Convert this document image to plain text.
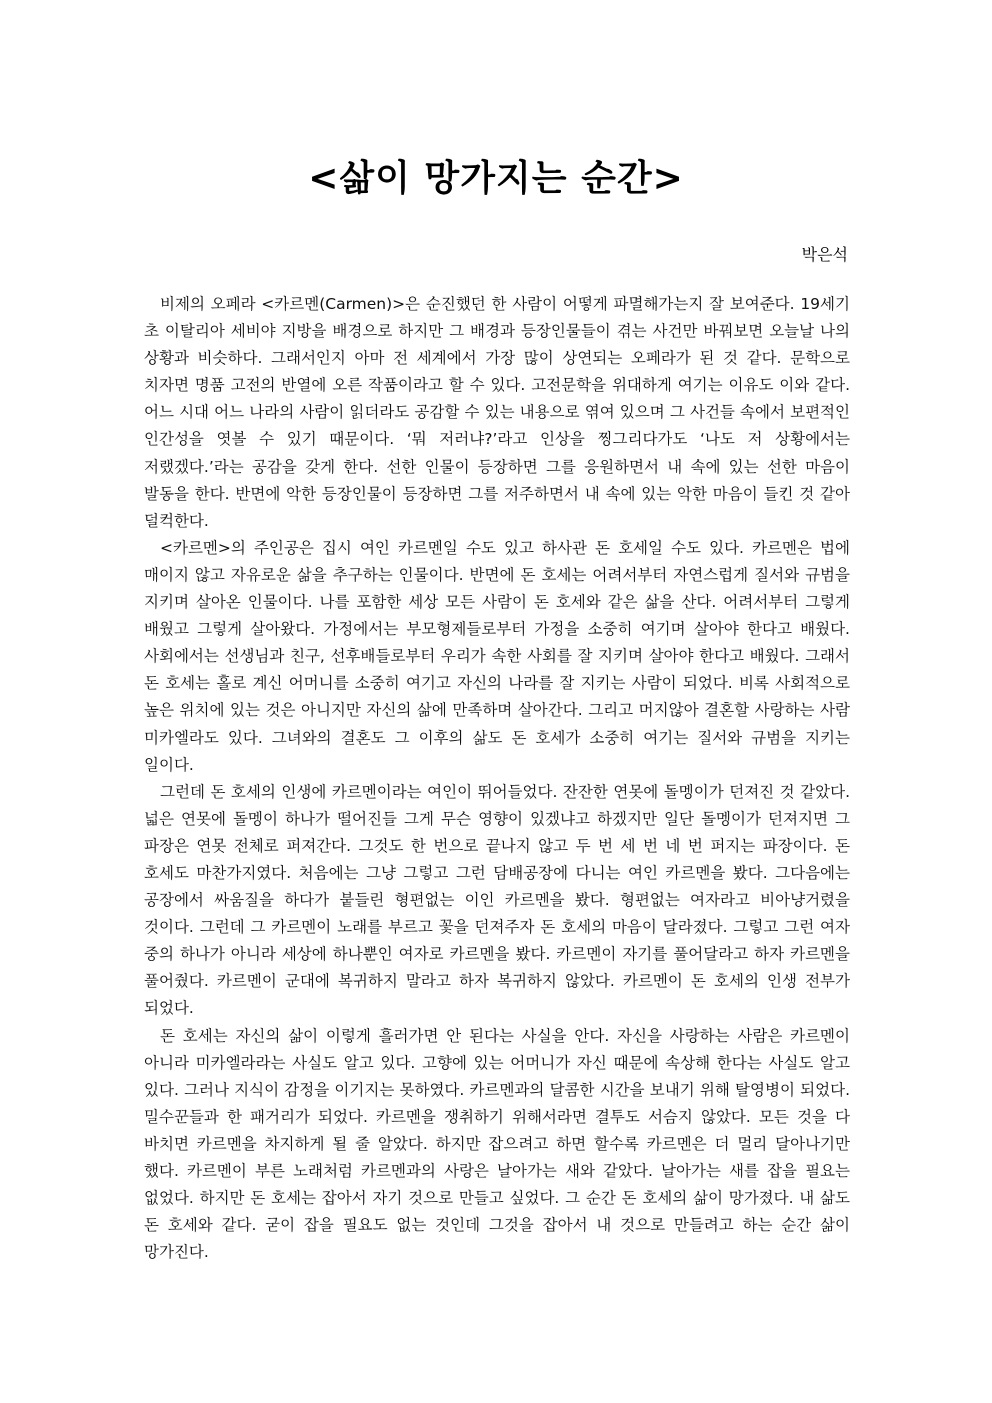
<삶이 망가지는 순간>
박은석

비제의 오페라 <카르멘(Carmen)>은 순진했던 한 사람이 어떻게 파멸해가는지 잘 보여준다. 19세기 초 이탈리아 세비야 지방을 배경으로 하지만 그 배경과 등장인물들이 겪는 사건만 바꿔보면 오늘날 나의 상황과 비슷하다. 그래서인지 아마 전 세계에서 가장 많이 상연되는 오페라가 된 것 같다. 문학으로 치자면 명품 고전의 반열에 오른 작품이라고 할 수 있다. 고전문학을 위대하게 여기는 이유도 이와 같다. 어느 시대 어느 나라의 사람이 읽더라도 공감할 수 있는 내용으로 엮여 있으며 그 사건들 속에서 보편적인 인간성을 엿볼 수 있기 때문이다. ‘뭐 저러냐?’라고 인상을 찡그리다가도 ‘나도 저 상황에서는 저랬겠다.’라는 공감을 갖게 한다. 선한 인물이 등장하면 그를 응원하면서 내 속에 있는 선한 마음이 발동을 한다. 반면에 악한 등장인물이 등장하면 그를 저주하면서 내 속에 있는 악한 마음이 들킨 것 같아 덜컥한다.

<카르멘>의 주인공은 집시 여인 카르멘일 수도 있고 하사관 돈 호세일 수도 있다. 카르멘은 법에 매이지 않고 자유로운 삶을 추구하는 인물이다. 반면에 돈 호세는 어려서부터 자연스럽게 질서와 규범을 지키며 살아온 인물이다. 나를 포함한 세상 모든 사람이 돈 호세와 같은 삶을 산다. 어려서부터 그렇게 배웠고 그렇게 살아왔다. 가정에서는 부모형제들로부터 가정을 소중히 여기며 살아야 한다고 배웠다. 사회에서는 선생님과 친구, 선후배들로부터 우리가 속한 사회를 잘 지키며 살아야 한다고 배웠다. 그래서 돈 호세는 홀로 계신 어머니를 소중히 여기고 자신의 나라를 잘 지키는 사람이 되었다. 비록 사회적으로 높은 위치에 있는 것은 아니지만 자신의 삶에 만족하며 살아간다. 그리고 머지않아 결혼할 사랑하는 사람 미카엘라도 있다. 그녀와의 결혼도 그 이후의 삶도 돈 호세가 소중히 여기는 질서와 규범을 지키는 일이다.

그런데 돈 호세의 인생에 카르멘이라는 여인이 뛰어들었다. 잔잔한 연못에 돌멩이가 던져진 것 같았다. 넓은 연못에 돌멩이 하나가 떨어진들 그게 무슨 영향이 있겠냐고 하겠지만 일단 돌멩이가 던져지면 그 파장은 연못 전체로 퍼져간다. 그것도 한 번으로 끝나지 않고 두 번 세 번 네 번 퍼지는 파장이다. 돈 호세도 마찬가지였다. 처음에는 그냥 그렇고 그런 담배공장에 다니는 여인 카르멘을 봤다. 그다음에는 공장에서 싸움질을 하다가 붙들린 형편없는 이인 카르멘을 봤다. 형편없는 여자라고 비아냥거렸을 것이다. 그런데 그 카르멘이 노래를 부르고 꽃을 던져주자 돈 호세의 마음이 달라졌다. 그렇고 그런 여자 중의 하나가 아니라 세상에 하나뿐인 여자로 카르멘을 봤다. 카르멘이 자기를 풀어달라고 하자 카르멘을 풀어줬다. 카르멘이 군대에 복귀하지 말라고 하자 복귀하지 않았다. 카르멘이 돈 호세의 인생 전부가 되었다.

돈 호세는 자신의 삶이 이렇게 흘러가면 안 된다는 사실을 안다. 자신을 사랑하는 사람은 카르멘이 아니라 미카엘라라는 사실도 알고 있다. 고향에 있는 어머니가 자신 때문에 속상해 한다는 사실도 알고 있다. 그러나 지식이 감정을 이기지는 못하였다. 카르멘과의 달콤한 시간을 보내기 위해 탈영병이 되었다. 밀수꾼들과 한 패거리가 되었다. 카르멘을 쟁취하기 위해서라면 결투도 서슴지 않았다. 모든 것을 다 바치면 카르멘을 차지하게 될 줄 알았다. 하지만 잡으려고 하면 할수록 카르멘은 더 멀리 달아나기만 했다. 카르멘이 부른 노래처럼 카르멘과의 사랑은 날아가는 새와 같았다. 날아가는 새를 잡을 필요는 없었다. 하지만 돈 호세는 잡아서 자기 것으로 만들고 싶었다. 그 순간 돈 호세의 삶이 망가졌다. 내 삶도 돈 호세와 같다. 굳이 잡을 필요도 없는 것인데 그것을 잡아서 내 것으로 만들려고 하는 순간 삶이 망가진다.
